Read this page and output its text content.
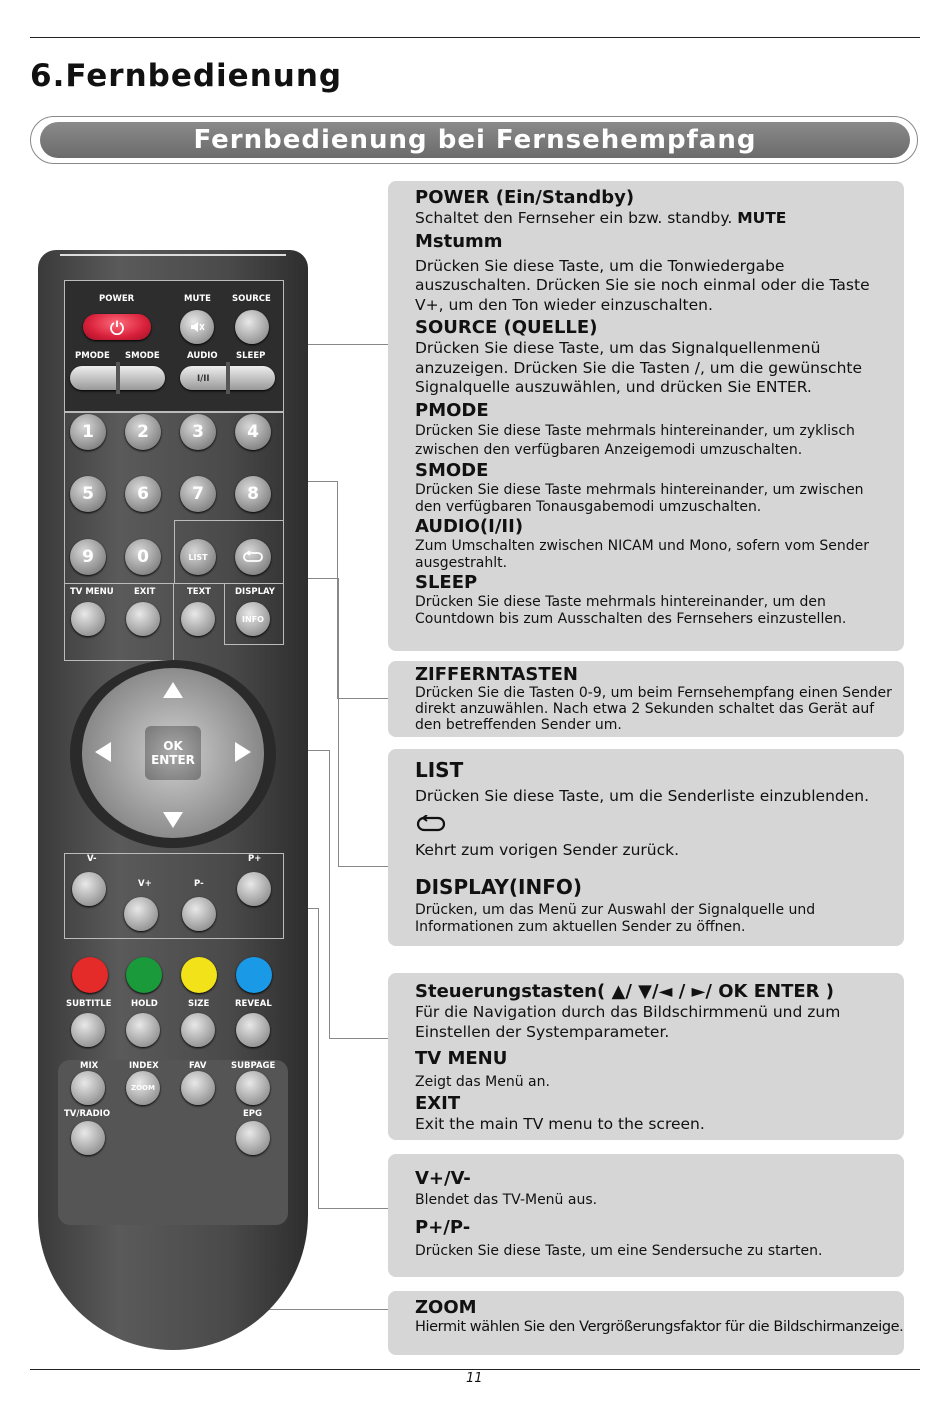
6.Fernbedienung
Fernbedienung bei Fernsehempfang
POWER	MUTE SOURCE
PMODE SMODE	AUDIO SLEEP
I/II
1	2	3	4
5	6	7	8
9	0	LIST
TV MENU EXIT	TEXT	DISPLAY
INFO
OK
ENTER
V-	P+
V+	P-
SUBTITLE HOLD	SIZE	REVEAL
MIX	INDEX	FAV	SUBPAGE
ZOOM
TV/RADIO	EPG

POWER (Ein/Standby)

Schaltet den Fernseher ein bzw. standby. MUTE

Mstumm

Drücken Sie diese Taste, um die Tonwiedergabe auszuschalten. Drücken Sie sie noch einmal oder die Taste V+, um den Ton wieder einzuschalten.

SOURCE (QUELLE)

Drücken Sie diese Taste, um das Signalquellenmenü anzuzeigen. Drücken Sie die Tasten /, um die gewünschte Signalquelle auszuwählen, und drücken Sie ENTER.

PMODE

Drücken Sie diese Taste mehrmals hintereinander, um zyklisch zwischen den verfügbaren Anzeigemodi umzuschalten.

SMODE

Drücken Sie diese Taste mehrmals hintereinander, um zwischen den verfügbaren Tonausgabemodi umzuschalten.

AUDIO(I/II)

Zum Umschalten zwischen NICAM und Mono, sofern vom Sender ausgestrahlt.

SLEEP

Drücken Sie diese Taste mehrmals hintereinander, um den Countdown bis zum Ausschalten des Fernsehers einzustellen.

ZIFFERNTASTEN

Drücken Sie die Tasten 0-9, um beim Fernsehempfang einen Sender direkt anzuwählen. Nach etwa 2 Sekunden schaltet das Gerät auf den betreffenden Sender um.

LIST

Drücken Sie diese Taste, um die Senderliste einzublenden.

Kehrt zum vorigen Sender zurück.

DISPLAY(INFO)

Drücken, um das Menü zur Auswahl der Signalquelle und Informationen zum aktuellen Sender zu öffnen.

Steuerungstasten( ▲/ ▼/◄ / ►/ OK ENTER )

Für die Navigation durch das Bildschirmmenü und zum Einstellen der Systemparameter.

TV MENU

Zeigt das Menü an.

EXIT

Exit the main TV menu to the screen.

V+/V-

Blendet das TV-Menü aus.

P+/P-

Drücken Sie diese Taste, um eine Sendersuche zu starten.

ZOOM

Hiermit wählen Sie den Vergrößerungsfaktor für die Bildschirmanzeige.

11
